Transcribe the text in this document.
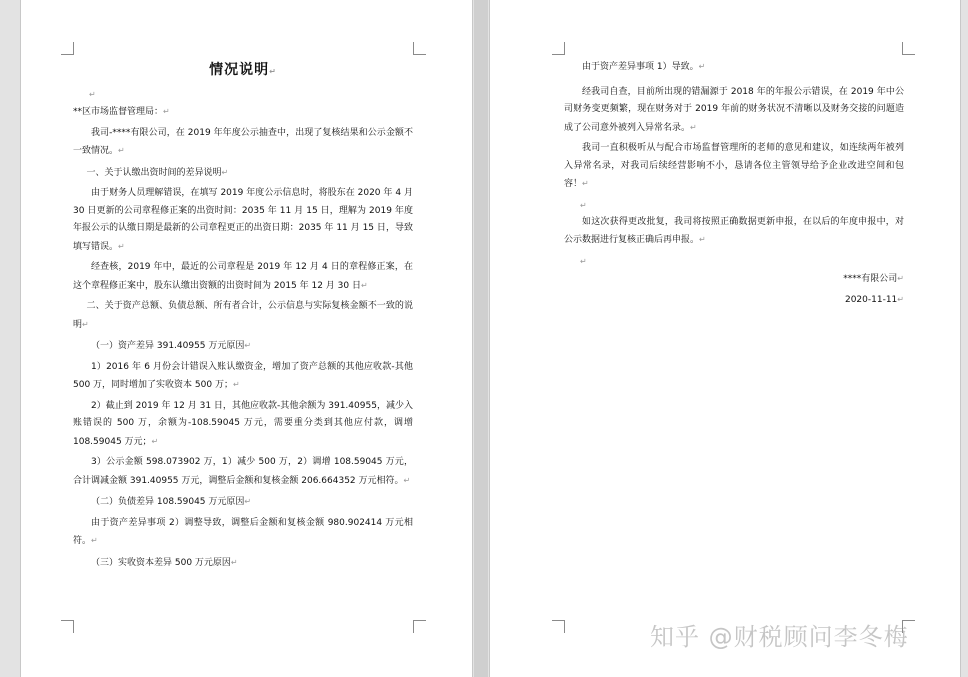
情况说明↵
↵

**区市场监督管理局：↵

我司-****有限公司，在 2019 年年度公示抽查中，出现了复核结果和公示金额不一致情况。↵

一、关于认缴出资时间的差异说明↵

由于财务人员理解错误，在填写 2019 年度公示信息时，将股东在 2020 年 4 月 30 日更新的公司章程修正案的出资时间：2035 年 11 月 15 日，理解为 2019 年度年报公示的认缴日期是最新的公司章程更正的出资日期：2035 年 11 月 15 日，导致填写错误。↵

经查核，2019 年中，最近的公司章程是 2019 年 12 月 4 日的章程修正案，在这个章程修正案中，股东认缴出资额的出资时间为 2015 年 12 月 30 日↵

二、关于资产总额、负债总额、所有者合计，公示信息与实际复核金额不一致的说明↵

（一）资产差异 391.40955 万元原因↵

1）2016 年 6 月份会计错误入账认缴资金，增加了资产总额的其他应收款-其他 500 万，同时增加了实收资本 500 万；↵

2）截止到 2019 年 12 月 31 日，其他应收款-其他余额为 391.40955，减少入账错误的 500 万，余额为-108.59045 万元，需要重分类到其他应付款，调增 108.59045 万元；↵

3）公示金额 598.073902 万，1）减少 500 万，2）调增 108.59045 万元，合计调减金额 391.40955 万元，调整后金额和复核金额 206.664352 万元相符。↵

（二）负债差异 108.59045 万元原因↵

由于资产差异事项 2）调整导致，调整后金额和复核金额 980.902414 万元相符。↵

（三）实收资本差异 500 万元原因↵

由于资产差异事项 1）导致。↵

经我司自查，目前所出现的错漏源于 2018 年的年报公示错误，在 2019 年中公司财务变更频繁，现在财务对于 2019 年前的财务状况不清晰以及财务交接的问题造成了公司意外被列入异常名录。↵

我司一直积极听从与配合市场监督管理所的老师的意见和建议，如连续两年被列入异常名录，对我司后续经营影响不小，恳请各位主管领导给予企业改进空间和包容！↵

↵

如这次获得更改批复，我司将按照正确数据更新申报，在以后的年度申报中，对公示数据进行复核正确后再申报。↵

↵

****有限公司↵

2020-11-11↵

知乎 @财税顾问李冬梅
